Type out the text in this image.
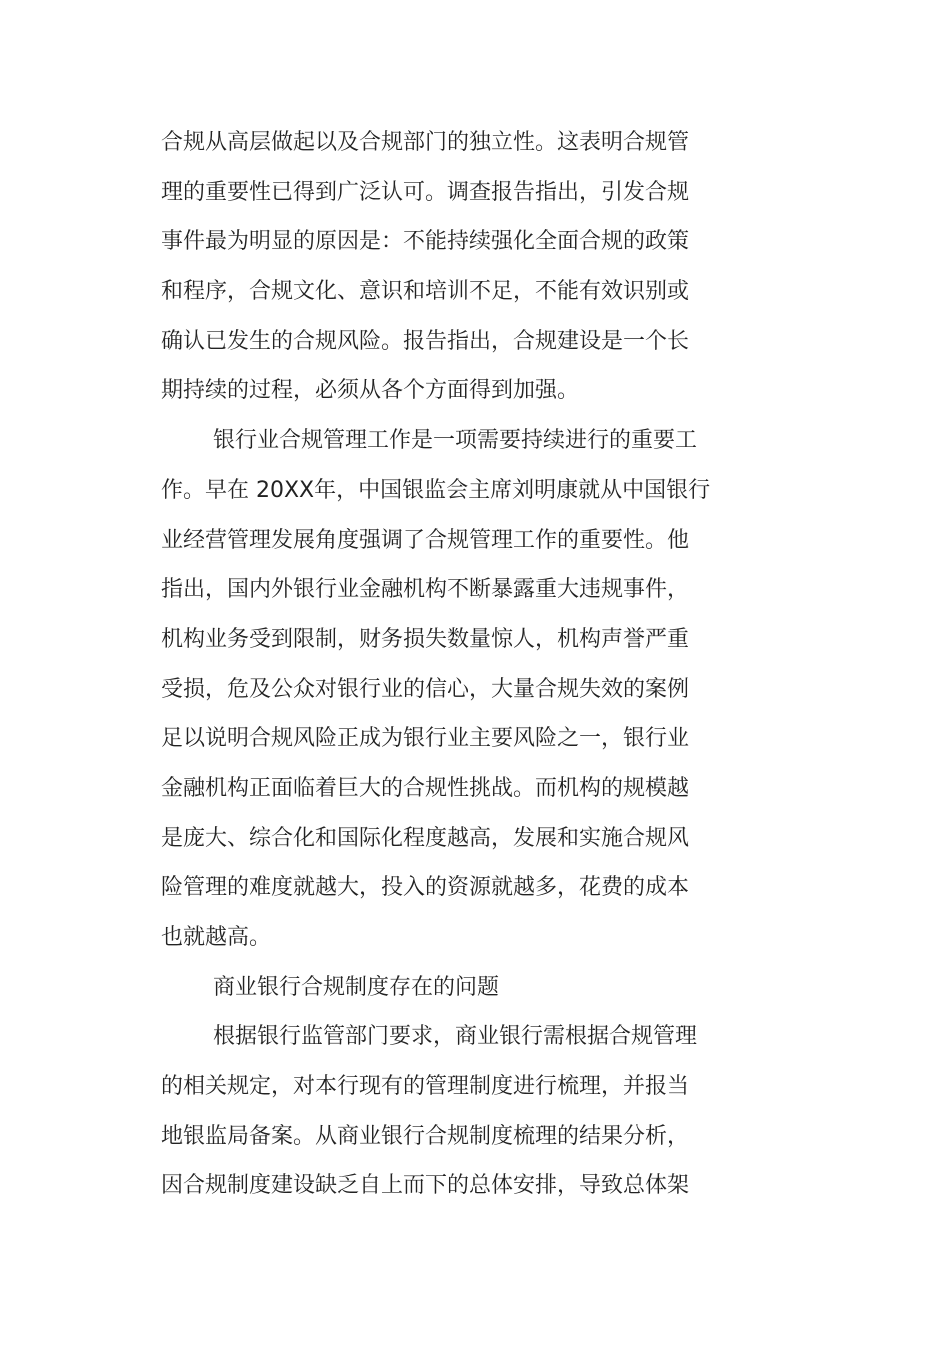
合规从高层做起以及合规部门的独立性。这表明合规管
理的重要性已得到广泛认可。调查报告指出，引发合规
事件最为明显的原因是：不能持续强化全面合规的政策
和程序，合规文化、意识和培训不足，不能有效识别或
确认已发生的合规风险。报告指出，合规建设是一个长
期持续的过程，必须从各个方面得到加强。
银行业合规管理工作是一项需要持续进行的重要工
作。早在 20XX年，中国银监会主席刘明康就从中国银行
业经营管理发展角度强调了合规管理工作的重要性。他
指出，国内外银行业金融机构不断暴露重大违规事件，
机构业务受到限制，财务损失数量惊人，机构声誉严重
受损，危及公众对银行业的信心，大量合规失效的案例
足以说明合规风险正成为银行业主要风险之一，银行业
金融机构正面临着巨大的合规性挑战。而机构的规模越
是庞大、综合化和国际化程度越高，发展和实施合规风
险管理的难度就越大，投入的资源就越多，花费的成本
也就越高。
商业银行合规制度存在的问题
根据银行监管部门要求，商业银行需根据合规管理
的相关规定，对本行现有的管理制度进行梳理，并报当
地银监局备案。从商业银行合规制度梳理的结果分析，
因合规制度建设缺乏自上而下的总体安排，导致总体架
